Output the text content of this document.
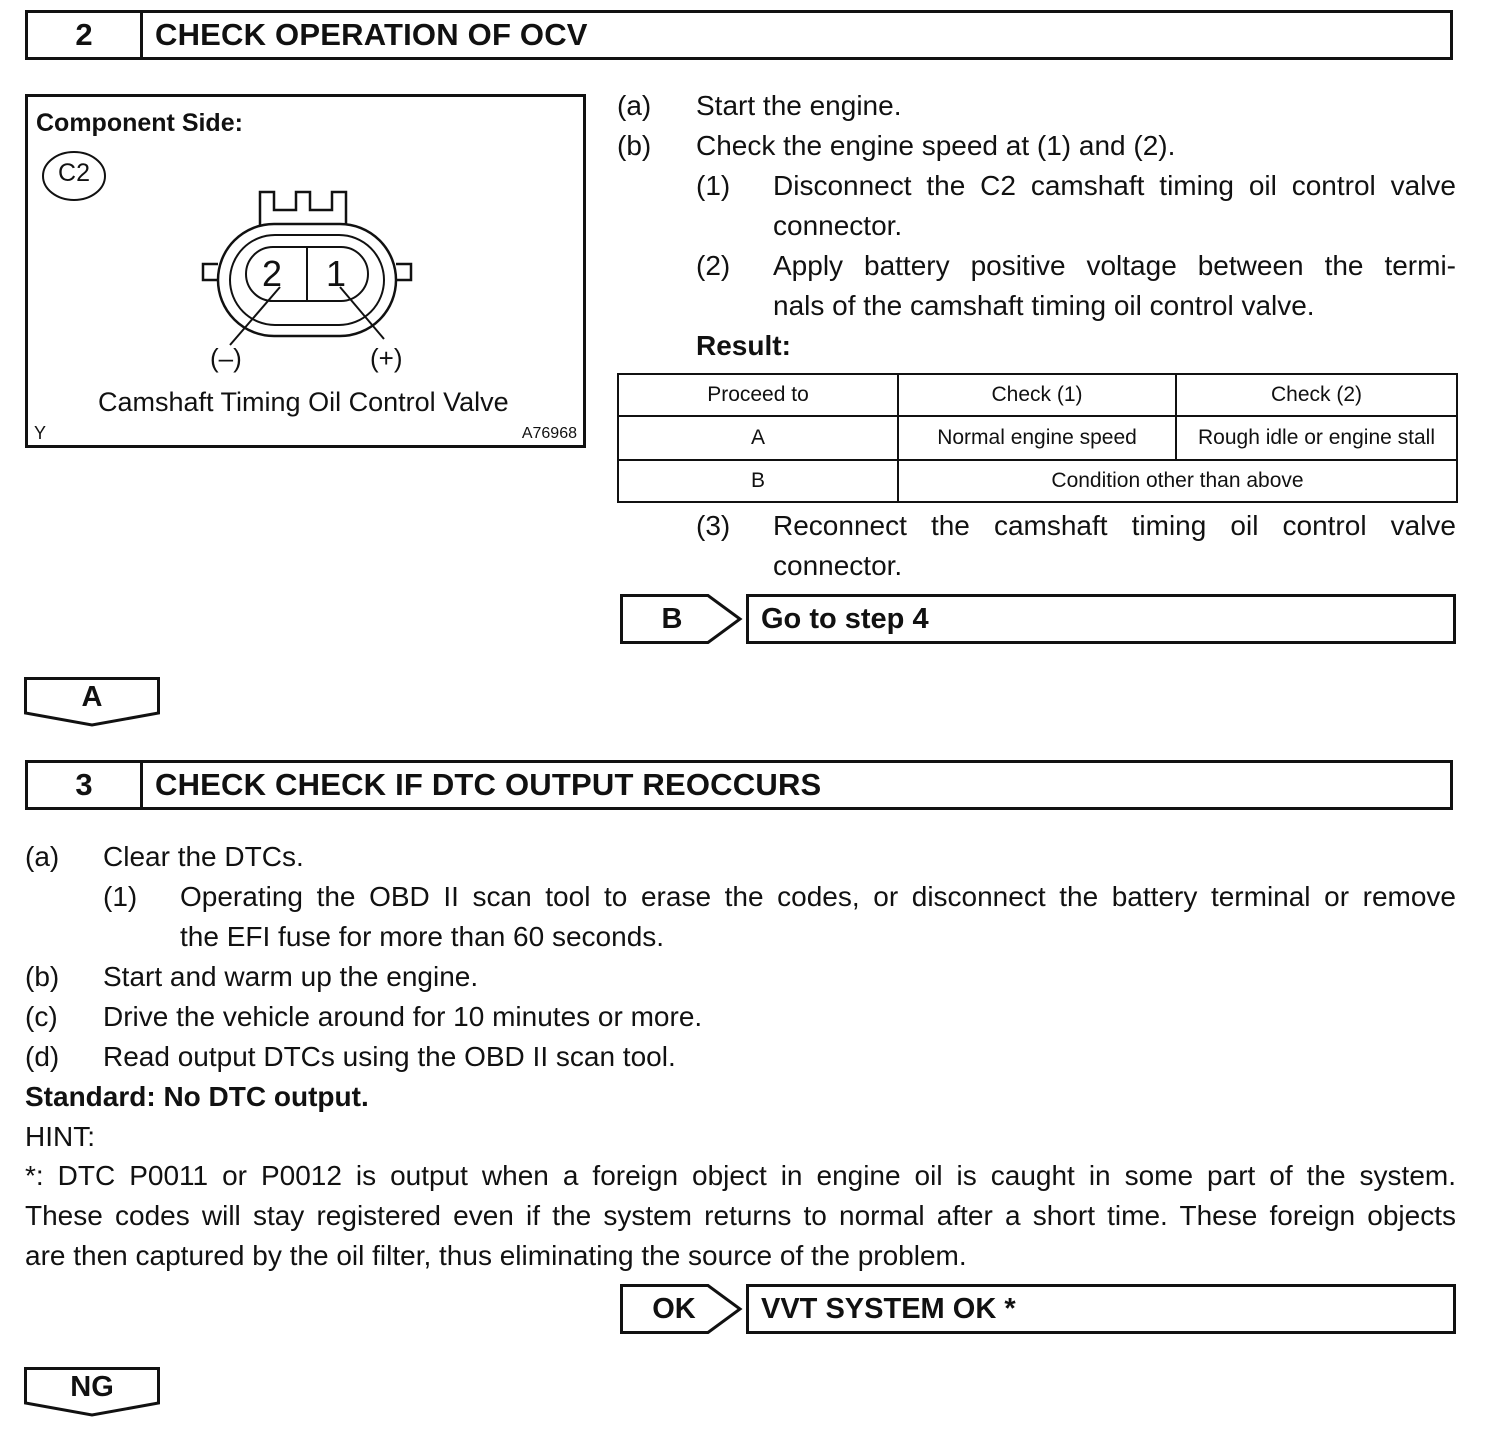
2	CHECK OPERATION OF OCV
Component Side:
C2
2 1
(–)	(+)
Camshaft Timing Oil Control Valve
Y	A76968
(a) Start the engine.
(b) Check the engine speed at (1) and (2).
(1) Disconnect the C2 camshaft timing oil control valve
connector.
(2) Apply battery positive voltage between the termi-
nals of the camshaft timing oil control valve.
Result:
Proceed to	Check (1)	Check (2)
A	Normal engine speed	Rough idle or engine stall
B	Condition other than above	
(3) Reconnect the camshaft timing oil control valve
connector.
B	Go to step 4
A
3	CHECK CHECK IF DTC OUTPUT REOCCURS
(a) Clear the DTCs.
(1) Operating the OBD II scan tool to erase the codes, or disconnect the battery terminal or remove
the EFI fuse for more than 60 seconds.
(b) Start and warm up the engine.
(c) Drive the vehicle around for 10 minutes or more.
(d) Read output DTCs using the OBD II scan tool.
Standard: No DTC output.
HINT:
*: DTC P0011 or P0012 is output when a foreign object in engine oil is caught in some part of the system.
These codes will stay registered even if the system returns to normal after a short time. These foreign objects
are then captured by the oil filter, thus eliminating the source of the problem.
OK	VVT SYSTEM OK *
NG
